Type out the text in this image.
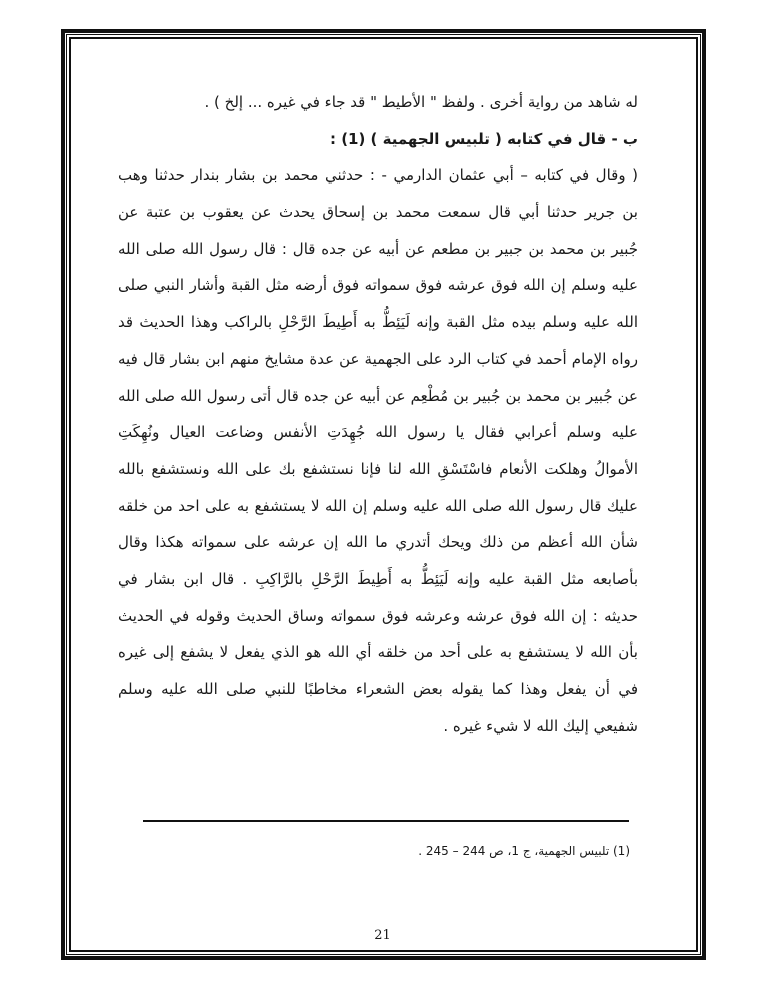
له شاهد من رواية أخرى . ولفظ " الأطيط " قد جاء في غيره ... إلخ ) .
ب - قال في كتابه ( تلبيس الجهمية ) (1) :
( وقال في كتابه – أبي عثمان الدارمي - : حدثني محمد بن بشار بندار حدثنا وهب
بن جرير حدثنا أبي قال سمعت محمد بن إسحاق يحدث عن يعقوب بن عتبة عن
جُبير بن محمد بن جبير بن مطعم عن أبيه عن جده قال : قال رسول الله صلى الله
عليه وسلم إن الله فوق عرشه فوق سمواته فوق أرضه مثل القبة وأشار النبي صلى
الله عليه وسلم بيده مثل القبة وإنه لَيَئِطُّ به أَطِيطَ الرَّحْلِ بالراكب وهذا الحديث قد
رواه الإمام أحمد في كتاب الرد على الجهمية عن عدة مشايخ منهم ابن بشار قال فيه
عن جُبير بن محمد بن جُبير بن مُطْعِم عن أبيه عن جده قال أتى رسول الله صلى الله
عليه وسلم أعرابي فقال يا رسول الله جُهِدَتِ الأنفس وضاعت العيال ونُهِكَتِ
الأموالُ وهلكت الأنعام فاسْتَسْقِ الله لنا فإنا نستشفع بك على الله ونستشفع بالله
عليك قال رسول الله صلى الله عليه وسلم إن الله لا يستشفع به على احد من خلقه
شأن الله أعظم من ذلك ويحك أتدري ما الله إن عرشه على سمواته هكذا وقال
بأصابعه مثل القبة عليه وإنه لَيَئِطُّ به أَطِيطَ الرَّحْلِ بالرَّاكِبِ . قال ابن بشار في
حديثه : إن الله فوق عرشه وعرشه فوق سمواته وساق الحديث وقوله في الحديث
بأن الله لا يستشفع به على أحد من خلقه أي الله هو الذي يفعل لا يشفع إلى غيره
في أن يفعل وهذا كما يقوله بعض الشعراء مخاطبًا للنبي صلى الله عليه وسلم
شفيعي إليك الله لا شيء غيره .
(1) تلبيس الجهمية، ج 1، ص 244 – 245 .
21
